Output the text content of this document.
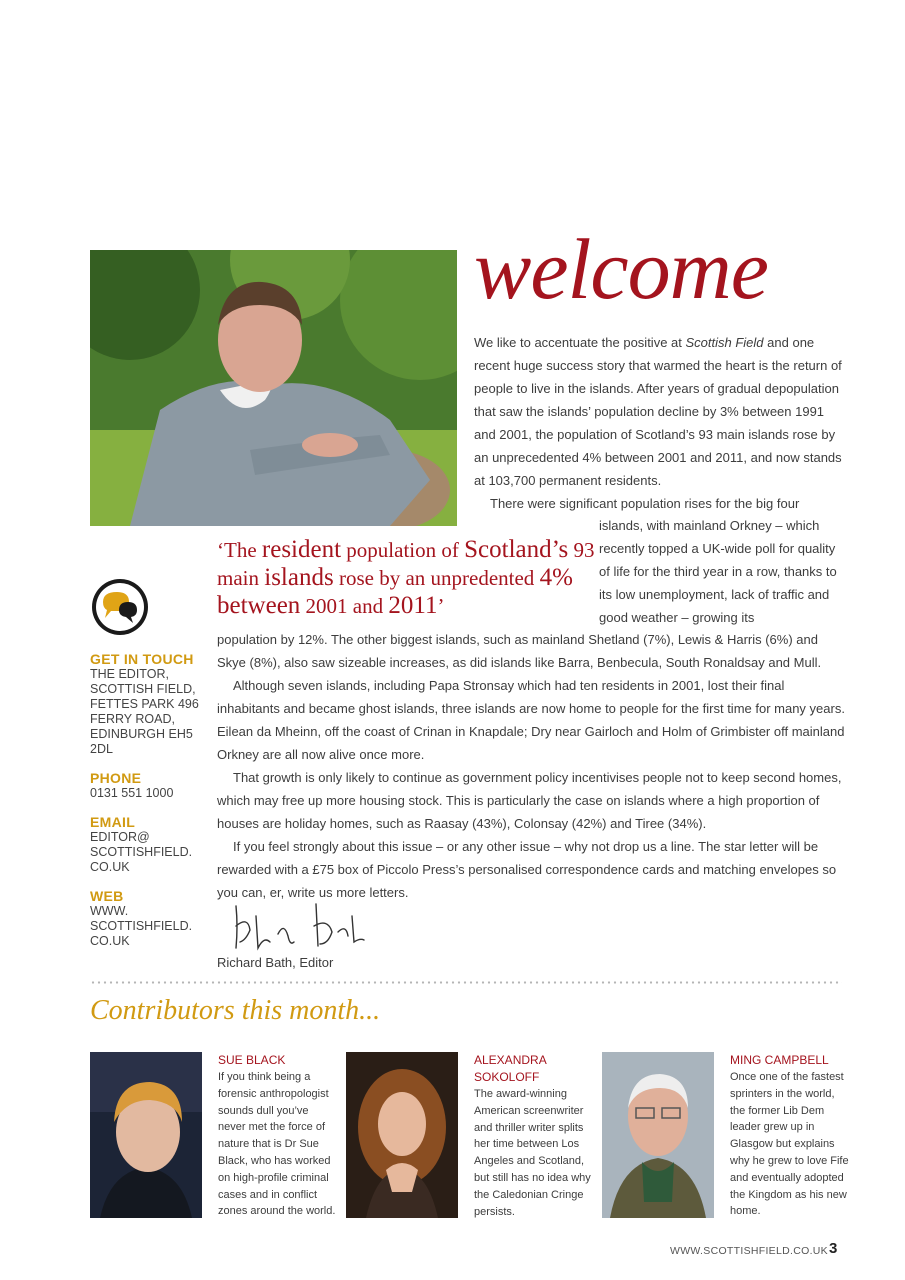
welcome

We like to accentuate the positive at Scottish Field and one recent huge success story that warmed the heart is the return of people to live in the islands. After years of gradual depopulation that saw the islands’ population decline by 3% between 1991 and 2001, the population of Scotland’s 93 main islands rose by an unprecedented 4% between 2001 and 2011, and now stands at 103,700 permanent residents.

There were significant population rises for the big four

‘The resident population of Scotland’s 93 main islands rose by an unpredented 4% between 2001 and 2011’

islands, with mainland Orkney – which recently topped a UK-wide poll for quality of life for the third year in a row, thanks to its low unemployment, lack of traffic and good weather – growing its

population by 12%. The other biggest islands, such as mainland Shetland (7%), Lewis & Harris (6%) and Skye (8%), also saw sizeable increases, as did islands like Barra, Benbecula, South Ronaldsay and Mull.

Although seven islands, including Papa Stronsay which had ten residents in 2001, lost their final inhabitants and became ghost islands, three islands are now home to people for the first time for many years. Eilean da Mheinn, off the coast of Crinan in Knapdale; Dry near Gairloch and Holm of Grimbister off mainland Orkney are all now alive once more.

That growth is only likely to continue as government policy incentivises people not to keep second homes, which may free up more housing stock. This is particularly the case on islands where a high proportion of houses are holiday homes, such as Raasay (43%), Colonsay (42%) and Tiree (34%).

If you feel strongly about this issue – or any other issue – why not drop us a line. The star letter will be rewarded with a £75 box of Piccolo Press’s personalised correspondence cards and matching envelopes so you can, er, write us more letters.

Richard Bath, Editor
GET IN TOUCH
THE EDITOR, SCOTTISH FIELD, FETTES PARK 496 FERRY ROAD, EDINBURGH EH5 2DL
PHONE
0131 551 1000
EMAIL
EDITOR@ SCOTTISHFIELD. CO.UK
WEB
WWW. SCOTTISHFIELD. CO.UK
Contributors this month...
SUE BLACK
If you think being a forensic anthropologist sounds dull you’ve never met the force of nature that is Dr Sue Black, who has worked on high-profile criminal cases and in conflict zones around the world.
ALEXANDRA SOKOLOFF
The award-winning American screenwriter and thriller writer splits her time between Los Angeles and Scotland, but still has no idea why the Caledonian Cringe persists.
MING CAMPBELL
Once one of the fastest sprinters in the world, the former Lib Dem leader grew up in Glasgow but explains why he grew to love Fife and eventually adopted the Kingdom as his new home.
WWW.SCOTTISHFIELD.CO.UK 3
